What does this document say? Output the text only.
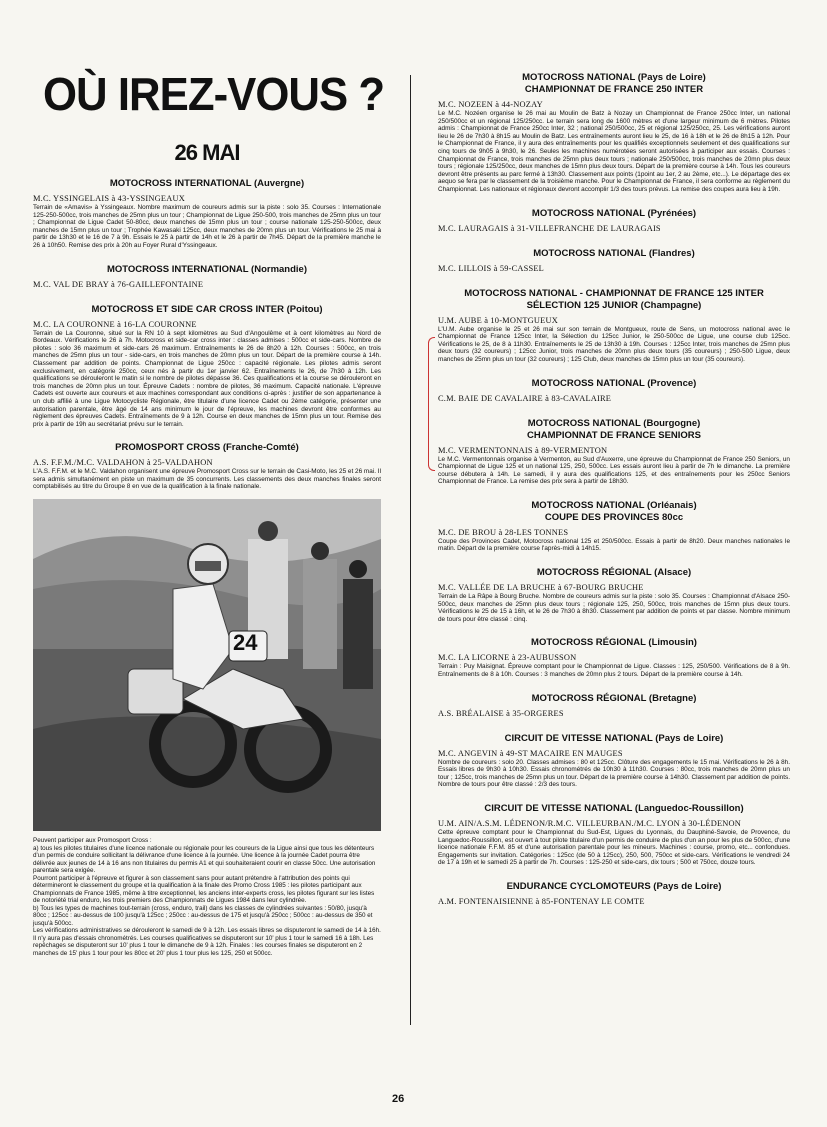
OÙ IREZ-VOUS ?
26 MAI
MOTOCROSS INTERNATIONAL (Auvergne)
M.C. YSSINGELAIS à 43-YSSINGEAUX
Terrain de «Amavis» à Yssingeaux. Nombre maximum de coureurs admis sur la piste : solo 35. Courses : Internationale 125-250-500cc, trois manches de 25mn plus un tour ; Championnat de Ligue 250-500, trois manches de 25mn plus un tour ; Championnat de Ligue Cadet 50-80cc, deux manches de 15mn plus un tour ; course nationale 125-250-500cc, deux manches de 15mn plus un tour ; Trophée Kawasaki 125cc, deux manches de 20mn plus un tour. Vérifications le 25 mai à partir de 13h30 et le 16 de 7 à 9h. Essais le 25 à partir de 14h et le 26 à partir de 7h45. Départ de la première manche le 26 à 10h50. Remise des prix à 20h au Foyer Rural d'Yssingeaux.
MOTOCROSS INTERNATIONAL (Normandie)
M.C. VAL DE BRAY à 76-GAILLEFONTAINE
MOTOCROSS ET SIDE CAR CROSS INTER (Poitou)
M.C. LA COURONNE à 16-LA COURONNE
Terrain de La Couronne, situé sur la RN 10 à sept kilomètres au Sud d'Angoulême et à cent kilomètres au Nord de Bordeaux. Vérifications le 26 à 7h. Motocross et side-car cross inter : classes admises : 500cc et side-cars. Nombre de pilotes : solo 36 maximum et side-cars 26 maximum. Entraînements le 26 de 8h20 à 12h. Courses : 500cc, en trois manches de 25mn plus un tour - side-cars, en trois manches de 20mn plus un tour. Départ de la première course à 14h. Classement par addition de points. Championnat de Ligue 250cc : capacité régionale. Les pilotes admis seront exclusivement, en catégorie 250cc, ceux nés à partir du 1er janvier 62. Entraînements le 26, de 7h30 à 12h. Les qualifications se dérouleront le matin si le nombre de pilotes dépasse 36. Ces qualifications et la course se dérouleront en trois manches de 20mn plus un tour. Épreuve Cadets : nombre de pilotes, 36 maximum. Capacité nationale. L'épreuve Cadets est ouverte aux coureurs et aux machines correspondant aux conditions ci-après : justifier de son appartenance à un club affilié à une Ligue Motocycliste Régionale, être titulaire d'une licence Cadet ou 2ème catégorie, présenter une autorisation parentale, être âgé de 14 ans minimum le jour de l'épreuve, les machines devront être conformes au règlement des épreuves Cadets. Entraînements de 9 à 12h. Course en deux manches de 15mn plus un tour. Remise des prix à partir de 19h au secrétariat prévu sur le terrain.
PROMOSPORT CROSS (Franche-Comté)
A.S. F.F.M./M.C. VALDAHON à 25-VALDAHON
L'A.S. F.F.M. et le M.C. Valdahon organisent une épreuve Promosport Cross sur le terrain de Casi-Moto, les 25 et 26 mai. Il sera admis simultanément en piste un maximum de 35 concurrents. Les classements des deux manches finales seront comptabilisés au titre du Groupe 8 en vue de la qualification à la finale nationale.
24
Peuvent participer aux Promosport Cross :
a) tous les pilotes titulaires d'une licence nationale ou régionale pour les coureurs de la Ligue ainsi que tous les détenteurs d'un permis de conduire sollicitant la délivrance d'une licence à la journée. Une licence à la journée Cadet pourra être délivrée aux jeunes de 14 à 16 ans non titulaires du permis A1 et qui souhaiteraient courir en classe 50cc. Une autorisation parentale sera exigée.
Pourront participer à l'épreuve et figurer à son classement sans pour autant prétendre à l'attribution des points qui détermineront le classement du groupe et la qualification à la finale des Promo Cross 1985 : les pilotes participant aux Championnats de France 1985, même à titre exceptionnel, les anciens inter-experts cross, les pilotes figurant sur les listes de notoriété trial enduro, les trois premiers des Championnats de Ligues 1984 dans leur cylindrée.
b) Tous les types de machines tout-terrain (cross, enduro, trail) dans les classes de cylindrées suivantes : 50/80, jusqu'à 80cc ; 125cc : au-dessus de 100 jusqu'à 125cc ; 250cc : au-dessus de 175 et jusqu'à 250cc ; 500cc : au-dessus de 350 et jusqu'à 500cc.
Les vérifications administratives se dérouleront le samedi de 9 à 12h. Les essais libres se disputeront le samedi de 14 à 16h. Il n'y aura pas d'essais chronométrés. Les courses qualificatives se disputeront sur 10' plus 1 tour le samedi 16 à 18h. Les repêchages se disputeront sur 10' plus 1 tour le dimanche de 9 à 12h. Finales : les courses finales se disputeront en 2 manches de 15' plus 1 tour pour les 80cc et 20' plus 1 tour plus les 125, 250 et 500cc.
MOTOCROSS NATIONAL (Pays de Loire)
CHAMPIONNAT DE FRANCE 250 INTER
M.C. NOZEEN à 44-NOZAY
Le M.C. Nozéen organise le 26 mai au Moulin de Batz à Nozay un Championnat de France 250cc Inter, un national 250/500cc et un régional 125/250cc. Le terrain sera long de 1600 mètres et d'une largeur minimum de 6 mètres. Pilotes admis : Championnat de France 250cc Inter, 32 ; national 250/500cc, 25 et régional 125/250cc, 25. Les vérifications auront lieu le 26 de 7h30 à 8h15 au Moulin de Batz. Les entraînements auront lieu le 25, de 16 à 18h et le 26 de 8h15 à 12h. Pour le Championnat de France, il y aura des entraînements pour les qualifiés exceptionnels seulement et des qualifications sur cinq tours de 9h05 à 9h30, le 26. Seules les machines numérotées seront autorisées à participer aux essais. Courses : Championnat de France, trois manches de 25mn plus deux tours ; nationale 250/500cc, trois manches de 20mn plus deux tours ; régionale 125/250cc, deux manches de 15mn plus deux tours. Départ de la première course à 14h. Tous les coureurs devront être présents au parc fermé à 13h30. Classement aux points (1point au 1er, 2 au 2ème, etc...). Le départage des ex aequo se fera par le classement de la troisième manche. Pour le Championnat de France, il sera conforme au règlement du Championnat. Les nationaux et régionaux devront accomplir 1/3 des tours prévus. La remise des coupes aura lieu à 19h.
MOTOCROSS NATIONAL (Pyrénées)
M.C. LAURAGAIS à 31-VILLEFRANCHE DE LAURAGAIS
MOTOCROSS NATIONAL (Flandres)
M.C. LILLOIS à 59-CASSEL
MOTOCROSS NATIONAL - CHAMPIONNAT DE FRANCE 125 INTER
SÉLECTION 125 JUNIOR (Champagne)
U.M. AUBE à 10-MONTGUEUX
L'U.M. Aube organise le 25 et 26 mai sur son terrain de Montgueux, route de Sens, un motocross national avec le Championnat de France 125cc Inter, la Sélection du 125cc Junior, le 250-500cc de Ligue, une course club 125cc. Vérifications le 25, de 8 à 11h30. Entraînements le 25 de 13h30 à 19h. Courses : 125cc Inter, trois manches de 25mn plus deux tours (32 coureurs) ; 125cc Junior, trois manches de 20mn plus deux tours (35 coureurs) ; 250-500 Ligue, deux manches de 25mn plus un tour (32 coureurs) ; 125 Club, deux manches de 15mn plus un tour (35 coureurs).
MOTOCROSS NATIONAL (Provence)
C.M. BAIE DE CAVALAIRE à 83-CAVALAIRE
MOTOCROSS NATIONAL (Bourgogne)
CHAMPIONNAT DE FRANCE SENIORS
M.C. VERMENTONNAIS à 89-VERMENTON
Le M.C. Vermentonnais organise à Vermenton, au Sud d'Auxerre, une épreuve du Championnat de France 250 Seniors, un Championnat de Ligue 125 et un national 125, 250, 500cc. Les essais auront lieu à partir de 7h le dimanche. La première course débutera à 14h. Le samedi, il y aura des qualifications 125, et des entraînements pour les 250cc Seniors Championnat de France. La remise des prix sera à partir de 18h30.
MOTOCROSS NATIONAL (Orléanais)
COUPE DES PROVINCES 80cc
M.C. DE BROU à 28-LES TONNES
Coupe des Provinces Cadet, Motocross national 125 et 250/500cc. Essais à partir de 8h20. Deux manches nationales le matin. Départ de la première course l'après-midi à 14h15.
MOTOCROSS RÉGIONAL (Alsace)
M.C. VALLÉE DE LA BRUCHE à 67-BOURG BRUCHE
Terrain de La Râpe à Bourg Bruche. Nombre de coureurs admis sur la piste : solo 35. Courses : Championnat d'Alsace 250-500cc, deux manches de 25mn plus deux tours ; régionale 125, 250, 500cc, trois manches de 15mn plus deux tours. Vérifications le 25 de 15 à 16h, et le 26 de 7h30 à 8h30. Classement par addition de points et par classe. Nombre minimum de tours pour être classé : cinq.
MOTOCROSS RÉGIONAL (Limousin)
M.C. LA LICORNE à 23-AUBUSSON
Terrain : Puy Maisignat. Épreuve comptant pour le Championnat de Ligue. Classes : 125, 250/500. Vérifications de 8 à 9h. Entraînements de 8 à 10h. Courses : 3 manches de 20mn plus 2 tours. Départ de la première course à 14h.
MOTOCROSS RÉGIONAL (Bretagne)
A.S. BRÉALAISE à 35-ORGERES
CIRCUIT DE VITESSE NATIONAL (Pays de Loire)
M.C. ANGEVIN à 49-ST MACAIRE EN MAUGES
Nombre de coureurs : solo 20. Classes admises : 80 et 125cc. Clôture des engagements le 15 mai. Vérifications le 26 à 8h. Essais libres de 9h30 à 10h30. Essais chronométrés de 10h30 à 11h30. Courses : 80cc, trois manches de 20mn plus un tour ; 125cc, trois manches de 25mn plus un tour. Départ de la première course à 14h30. Classement par addition de points. Nombre de tours pour être classé : 2/3 des tours.
CIRCUIT DE VITESSE NATIONAL (Languedoc-Roussillon)
U.M. AIN/A.S.M. LÉDENON/R.M.C. VILLEURBAN./M.C. LYON à 30-LÉDENON
Cette épreuve comptant pour le Championnat du Sud-Est, Ligues du Lyonnais, du Dauphiné-Savoie, de Provence, du Languedoc-Roussillon, est ouvert à tout pilote titulaire d'un permis de conduire de plus d'un an pour les plus de 500cc, d'une licence nationale F.F.M. 85 et d'une autorisation parentale pour les mineurs. Machines : course, promo, etc... confondues. Engagements sur invitation. Catégories : 125cc (de 50 à 125cc), 250, 500, 750cc et side-cars. Vérifications le vendredi 24 de 17 à 19h et le samedi 25 à partir de 7h. Courses : 125-250 et side-cars, dix tours ; 500 et 750cc, douze tours.
ENDURANCE CYCLOMOTEURS (Pays de Loire)
A.M. FONTENAISIENNE à 85-FONTENAY LE COMTE
26
